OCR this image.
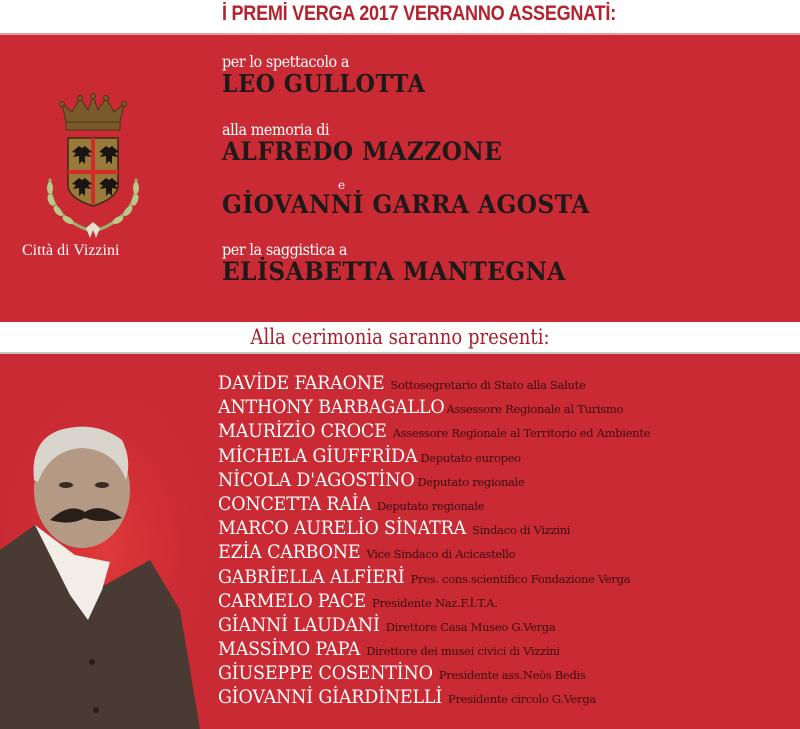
İ PREMİ VERGA 2017 VERRANNO ASSEGNATİ:
Città di Vizzini
per lo spettacolo a
LEO GULLOTTA
alla memoria di
ALFREDO MAZZONE
e
GİOVANNİ GARRA AGOSTA
per la saggistica a
ELİSABETTA MANTEGNA
Alla cerimonia saranno presenti:
DAVİDE FARAONE Sottosegretario di Stato alla Salute
ANTHONY BARBAGALLO Assessore Regionale al Turismo
MAURİZİO CROCE Assessore Regionale al Territorio ed Ambiente
MİCHELA GİUFFRİDA Deputato europeo
NİCOLA D'AGOSTİNO Deputato regionale
CONCETTA RAİA Deputato regionale
MARCO AURELİO SİNATRA Sindaco di Vizzini
EZİA CARBONE Vice Sindaco di Acicastello
GABRİELLA ALFİERİ Pres. cons.scientifico Fondazione Verga
CARMELO PACE Presidente Naz.F.İ.T.A.
GİANNİ LAUDANİ Direttore Casa Museo G.Verga
MASSİMO PAPA Direttore dei musei civici di Vizzini
GİUSEPPE COSENTİNO Presidente ass.Neòs Bedis
GİOVANNİ GİARDİNELLİ Presidente circolo G.Verga
